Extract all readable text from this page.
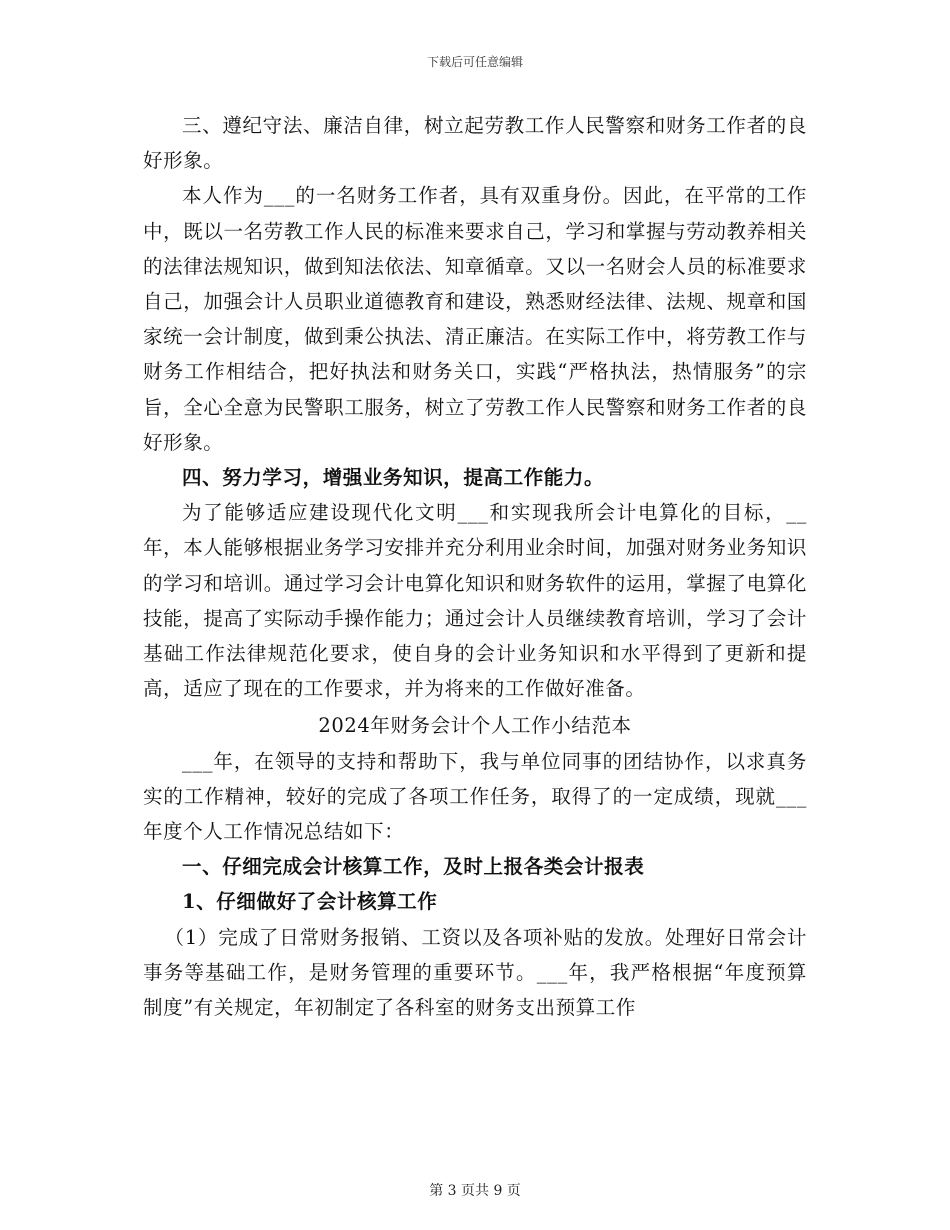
下载后可任意编辑

三、遵纪守法、廉洁自律，树立起劳教工作人民警察和财务工作者的良好形象。

本人作为___的一名财务工作者，具有双重身份。因此，在平常的工作中，既以一名劳教工作人民的标准来要求自己，学习和掌握与劳动教养相关的法律法规知识，做到知法依法、知章循章。又以一名财会人员的标准要求自己，加强会计人员职业道德教育和建设，熟悉财经法律、法规、规章和国家统一会计制度，做到秉公执法、清正廉洁。在实际工作中，将劳教工作与财务工作相结合，把好执法和财务关口，实践“严格执法，热情服务”的宗旨，全心全意为民警职工服务，树立了劳教工作人民警察和财务工作者的良好形象。

四、努力学习，增强业务知识，提高工作能力。

为了能够适应建设现代化文明___和实现我所会计电算化的目标，__年，本人能够根据业务学习安排并充分利用业余时间，加强对财务业务知识的学习和培训。通过学习会计电算化知识和财务软件的运用，掌握了电算化技能，提高了实际动手操作能力；通过会计人员继续教育培训，学习了会计基础工作法律规范化要求，使自身的会计业务知识和水平得到了更新和提高，适应了现在的工作要求，并为将来的工作做好准备。

2024年财务会计个人工作小结范本

___年，在领导的支持和帮助下，我与单位同事的团结协作，以求真务实的工作精神，较好的完成了各项工作任务，取得了的一定成绩，现就___年度个人工作情况总结如下：

一、仔细完成会计核算工作，及时上报各类会计报表

1、仔细做好了会计核算工作

（1）完成了日常财务报销、工资以及各项补贴的发放。处理好日常会计事务等基础工作，是财务管理的重要环节。___年，我严格根据“年度预算制度”有关规定，年初制定了各科室的财务支出预算工作

第 3 页共 9 页
